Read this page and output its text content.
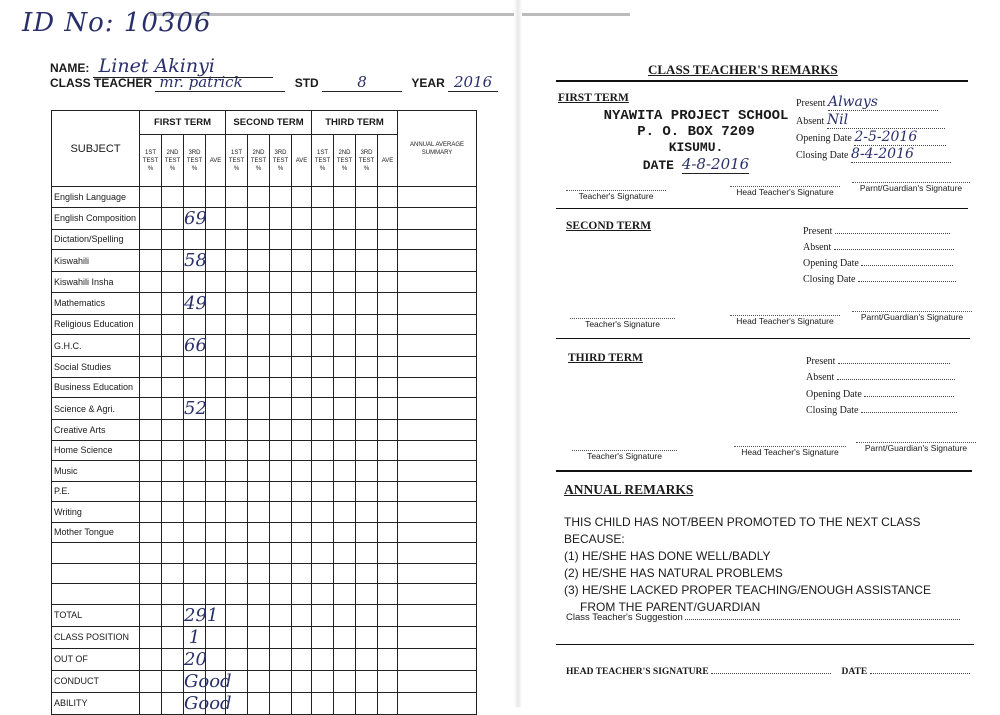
ID No: 10306
NAME: Linet Akinyi
CLASS TEACHER mr. patrick	STD	8	YEAR 2016
SUBJECT	FIRST TERM				SECOND TERM				THIRD TERM				ANNUAL AVERAGE SUMMARY
	1ST TEST %	2ND TEST %	3RD TEST %	AVE	1ST TEST %	2ND TEST %	3RD TEST %	AVE	1ST TEST %	2ND TEST %	3RD TEST %	AVE	
English Language													
English Composition			69										
Dictation/Spelling													
Kiswahili			58										
Kiswahili Insha													
Mathematics			49										
Religious Education													
G.H.C.			66										
Social Studies													
Business Education													
Science & Agri.			52										
Creative Arts													
Home Science													
Music													
P.E.													
Writing													
Mother Tongue													

TOTAL			291										
CLASS POSITION			1										
OUT OF			20										
CONDUCT			Good										
ABILITY			Good										
CLASS TEACHER'S REMARKS
FIRST TERM
NYAWITA PROJECT SCHOOL
P. O. BOX 7209
KISUMU.
DATE 4-8-2016
Present Always
Absent Nil
Opening Date 2-5-2016
Closing Date 8-4-2016
Teacher's Signature	Head Teacher's Signature	Parnt/Guardian's Signature
SECOND TERM	Present
Absent
Opening Date
Closing Date
Teacher's Signature	Head Teacher's Signature	Parnt/Guardian's Signature
THIRD TERM	Present
Absent
Opening Date
Closing Date
Teacher's Signature	Head Teacher's Signature	Parnt/Guardian's Signature
ANNUAL REMARKS
THIS CHILD HAS NOT/BEEN PROMOTED TO THE NEXT CLASS BECAUSE:
(1) HE/SHE HAS DONE WELL/BADLY
(2) HE/SHE HAS NATURAL PROBLEMS
(3) HE/SHE LACKED PROPER TEACHING/ENOUGH ASSISTANCE
FROM THE PARENT/GUARDIAN
Class Teacher's Suggestion
HEAD TEACHER'S SIGNATURE	DATE
